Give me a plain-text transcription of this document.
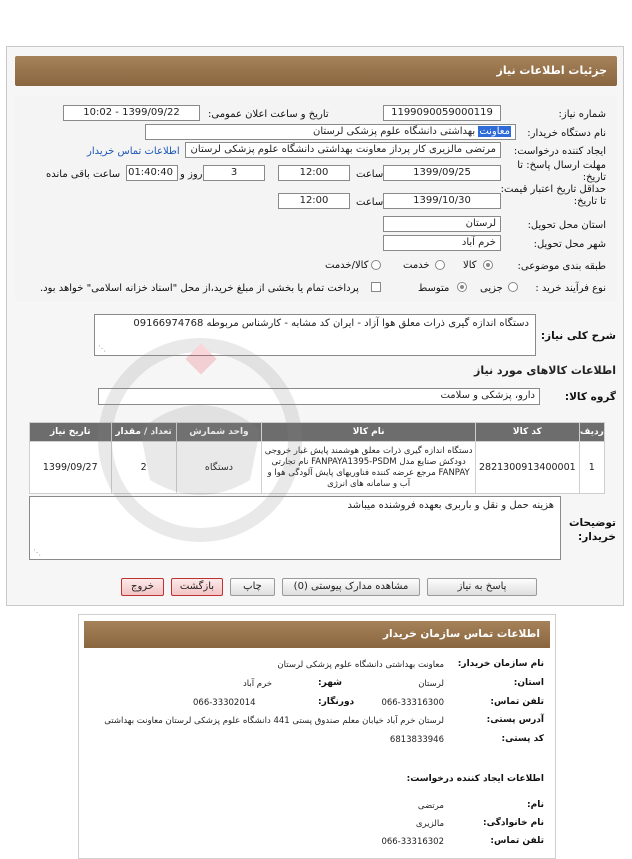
جزئیات اطلاعات نیاز
شماره نیاز:
1199090059000119
تاریخ و ساعت اعلان عمومی:
1399/09/22 - 10:02
نام دستگاه خریدار:
معاونت بهداشتی دانشگاه علوم پزشکی لرستان
ایجاد کننده درخواست:
مرتضی مالزیری کار پرداز معاونت بهداشتی دانشگاه علوم پزشکی لرستان
اطلاعات تماس خریدار
مهلت ارسال پاسخ: تا تاریخ:
1399/09/25
ساعت
12:00
3
روز و
01:40:40
ساعت باقی مانده
حداقل تاریخ اعتبار قیمت: تا تاریخ:
1399/10/30
ساعت
12:00
استان محل تحویل:
لرستان
شهر محل تحویل:
خرم آباد
طبقه بندی موضوعی:
کالا
خدمت
کالا/خدمت
نوع فرآیند خرید :
جزیی
متوسط
پرداخت تمام یا بخشی از مبلغ خرید،از محل "اسناد خزانه اسلامی" خواهد بود.
شرح کلی نیاز:
دستگاه اندازه گیری ذرات معلق هوا آزاد - ایران کد مشابه - کارشناس مربوطه 09166974768
⋰
اطلاعات کالاهای مورد نیاز
گروه کالا:
دارو، پزشکی و سلامت
ردیف	کد کالا	نام کالا	واحد شمارش	تعداد / مقدار	تاریخ نیاز
1	2821300913400001	دستگاه اندازه گیری ذرات معلق هوشمند پایش غبار خروجی دودکش صنایع مدل FANPAYA1395-PSDM نام تجارتی FANPAY مرجع عرضه کننده فناوریهای پایش آلودگی هوا و آب و سامانه های انرژی	دستگاه	2	1399/09/27
توضیحات خریدار:
هزینه حمل و نقل و باربری بعهده فروشنده میباشد
⋰
پاسخ به نیاز
مشاهده مدارک پیوستی (0)
چاپ
بازگشت
خروج
اطلاعات تماس سازمان خریدار
نام سازمان خریدار:
معاونت بهداشتی دانشگاه علوم پزشکی لرستان
استان:
لرستان
شهر:
خرم آباد
تلفن تماس:
066-33316300
دورنگار:
066-33302014
آدرس پستی:
لرستان خرم آباد خیابان معلم صندوق پستی 441 دانشگاه علوم پزشکی لرستان معاونت بهداشتی
کد پستی:
6813833946
اطلاعات ایجاد کننده درخواست:
نام:
مرتضی
نام خانوادگی:
مالزیری
تلفن تماس:
066-33316302
